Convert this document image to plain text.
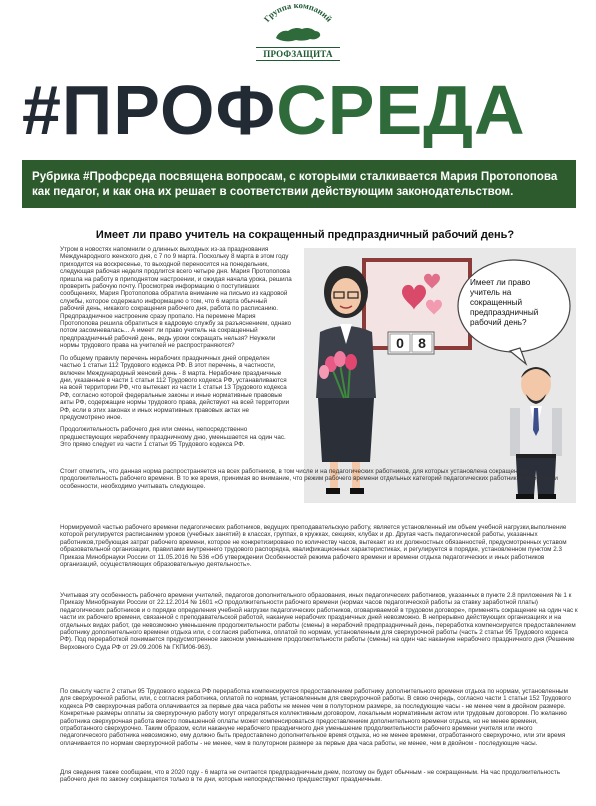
Группа компаний
ПРОФЗАЩИТА
#ПРОФСРЕДА
Рубрика #Профсреда посвящена вопросам, с которыми сталкивается Мария Протопопова как педагог, и как она их решает в соответствии действующим законодательством.
Имеет ли право учитель на сокращенный предпраздничный рабочий день?

Утром в новостях напомнили о длинных выходных из-за празднования Международного женского дня, с 7 по 9 марта. Поскольку 8 марта в этом году приходится на воскресенье, то выходной переносится на понедельник, следующая рабочая неделя продлится всего четыре дня. Мария Протопопова пришла на работу в приподнятом настроении, и ожидая начала урока, решила проверить рабочую почту. Просмотрев информацию о поступивших сообщениях, Мария Протопопова обратила внимание на письмо из кадровой службы, которое содержало информацию о том, что 6 марта обычный рабочий день, никакого сокращения рабочего дня, работа по расписанию. Предпраздничное настроение сразу пропало. На перемене Мария Протопопова решила обратиться в кадровую службу за разъяснением, однако потом засомневалась... А имеет ли право учитель на сокращенный предпраздничный рабочий день, ведь уроки сокращать нельзя? Неужели нормы трудового права на учителей не распространяются?

По общему правилу перечень нерабочих праздничных дней определен частью 1 статьи 112 Трудового кодекса РФ. В этот перечень, в частности, включен Международный женский день - 8 марта. Нерабочие праздничные дни, указанные в части 1 статьи 112 Трудового кодекса РФ, устанавливаются на всей территории РФ, что вытекает из части 1 статьи 13 Трудового кодекса РФ, согласно которой федеральные законы и иные нормативные правовые акты РФ, содержащие нормы трудового права, действуют на всей территории РФ, если в этих законах и иных нормативных правовых актах не предусмотрено иное.

Продолжительность рабочего дня или смены, непосредственно предшествующих нерабочему праздничному дню, уменьшается на один час. Это прямо следует из части 1 статьи 95 Трудового кодекса РФ.

0 8
Имеет ли право учитель на сокращенный предпраздничный рабочий день?

Стоит отметить, что данная норма распространяется на всех работников, в том числе и на педагогических работников, для которых установлена сокращенная продолжительность рабочего времени. В то же время, принимая во внимание, что режим рабочего времени отдельных категорий педагогических работников имеет свои особенности, необходимо учитывать следующее.

Нормируемой частью рабочего времени педагогических работников, ведущих преподавательскую работу, является установленный им объем учебной нагрузки,выполнение которой регулируется расписанием уроков (учебных занятий) в классах, группах, в кружках, секциях, клубах и др. Другая часть педагогической работы, указанных работников,требующая затрат рабочего времени, которое не конкретизировано по количеству часов, вытекает из их должностных обязанностей, предусмотренных уставом образовательной организации, правилами внутреннего трудового распорядка, квалификационных характеристиках, и регулируется в порядке, установленном пунктом 2.3 Приказа Минобрнауки России от 11.05.2016 № 536 «Об утверждении Особенностей режима рабочего времени и времени отдыха педагогических и иных работников организаций, осуществляющих образовательную деятельность».

Учитывая эту особенность рабочего времени учителей, педагогов дополнительного образования, иных педагогических работников, указанных в пункте 2.8 приложения № 1 к Приказу Минобрнауки России от 22.12.2014 № 1601 «О продолжительности рабочего времени (нормах часов педагогической работы за ставку заработной платы) педагогических работников и о порядке определения учебной нагрузки педагогических работников, оговариваемой в трудовом договоре», применять сокращение на один час к части их рабочего времени, связанной с преподавательской работой, накануне нерабочих праздничных дней невозможно. В непрерывно действующих организациях и на отдельных видах работ, где невозможно уменьшение продолжительности работы (смены) в нерабочий предпраздничный день, переработка компенсируется предоставлением работнику дополнительного времени отдыха или, с согласия работника, оплатой по нормам, установленным для сверхурочной работы (часть 2 статьи 95 Трудового кодекса РФ). Под переработкой понимается предусмотренное законом уменьшение продолжительности работы (смены) на один час накануне нерабочего праздничного дня (Решение Верховного Суда РФ от 29.09.2006 № ГКПИ06-963).

По смыслу части 2 статьи 95 Трудового кодекса РФ переработка компенсируется предоставлением работнику дополнительного времени отдыха по нормам, установленным для сверхурочной работы, или, с согласия работника, оплатой по нормам, установленным для сверхурочной работы. В свою очередь, согласно части 1 статьи 152 Трудового кодекса РФ сверхурочная работа оплачивается за первые два часа работы не менее чем в полуторном размере, за последующие часы - не менее чем в двойном размере. Конкретные размеры оплаты за сверхурочную работу могут определяться коллективным договором, локальным нормативным актом или трудовым договором. По желанию работника сверхурочная работа вместо повышенной оплаты может компенсироваться предоставлением дополнительного времени отдыха, но не менее времени, отработанного сверхурочно. Таким образом, если накануне нерабочего праздничного дня уменьшение продолжительности рабочего времени учителя или иного педагогического работника невозможно, ему должно быть предоставлено дополнительное время отдыха, но не менее времени, отработанного сверхурочно, или эти время оплачивается по нормам сверхурочной работы - не менее, чем в полуторном размере за первые два часа работы, не менее, чем в двойном - последующие часы.

Для сведения также сообщаем, что в 2020 году - 6 марта не считается предпраздничным днем, поэтому он будет обычным - не сокращенным. На час продолжительность рабочего дня по закону сокращается только в те дни, которые непосредственно предшествуют праздничным.
